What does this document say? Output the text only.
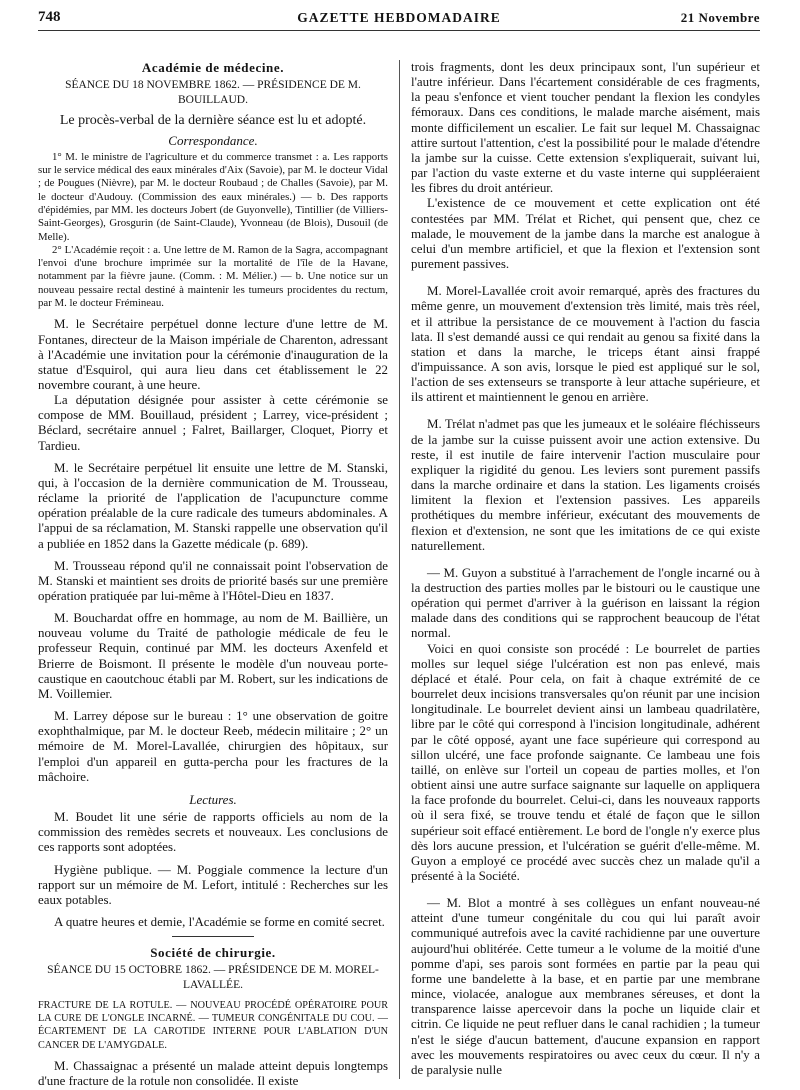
748	GAZETTE HEBDOMADAIRE	21 Novembre

Académie de médecine.

SÉANCE DU 18 NOVEMBRE 1862. — PRÉSIDENCE DE M. BOUILLAUD.

Le procès-verbal de la dernière séance est lu et adopté.

Correspondance.

1° M. le ministre de l'agriculture et du commerce transmet : a. Les rapports sur le service médical des eaux minérales d'Aix (Savoie), par M. le docteur Vidal ; de Pougues (Nièvre), par M. le docteur Roubaud ; de Challes (Savoie), par M. le docteur d'Audouy. (Commission des eaux minérales.) — b. Des rapports d'épidémies, par MM. les docteurs Jobert (de Guyonvelle), Tintillier (de Villiers-Saint-Georges), Grosgurin (de Saint-Claude), Yvonneau (de Blois), Dusouil (de Melle).

2° L'Académie reçoit : a. Une lettre de M. Ramon de la Sagra, accompagnant l'envoi d'une brochure imprimée sur la mortalité de l'île de la Havane, notamment par la fièvre jaune. (Comm. : M. Mélier.) — b. Une notice sur un nouveau pessaire rectal destiné à maintenir les tumeurs procidentes du rectum, par M. le docteur Frémineau.

M. le Secrétaire perpétuel donne lecture d'une lettre de M. Fontanes, directeur de la Maison impériale de Charenton, adressant à l'Académie une invitation pour la cérémonie d'inauguration de la statue d'Esquirol, qui aura lieu dans cet établissement le 22 novembre courant, à une heure.

La députation désignée pour assister à cette cérémonie se compose de MM. Bouillaud, président ; Larrey, vice-président ; Béclard, secrétaire annuel ; Falret, Baillarger, Cloquet, Piorry et Tardieu.

M. le Secrétaire perpétuel lit ensuite une lettre de M. Stanski, qui, à l'occasion de la dernière communication de M. Trousseau, réclame la priorité de l'application de l'acupuncture comme opération préalable de la cure radicale des tumeurs abdominales. A l'appui de sa réclamation, M. Stanski rappelle une observation qu'il a publiée en 1852 dans la Gazette médicale (p. 689).

M. Trousseau répond qu'il ne connaissait point l'observation de M. Stanski et maintient ses droits de priorité basés sur une première opération pratiquée par lui-même à l'Hôtel-Dieu en 1837.

M. Bouchardat offre en hommage, au nom de M. Baillière, un nouveau volume du Traité de pathologie médicale de feu le professeur Requin, continué par MM. les docteurs Axenfeld et Brierre de Boismont. Il présente le modèle d'un nouveau porte-caustique en caoutchouc établi par M. Robert, sur les indications de M. Voillemier.

M. Larrey dépose sur le bureau : 1° une observation de goitre exophthalmique, par M. le docteur Reeb, médecin militaire ; 2° un mémoire de M. Morel-Lavallée, chirurgien des hôpitaux, sur l'emploi d'un appareil en gutta-percha pour les fractures de la mâchoire.

Lectures.

M. Boudet lit une série de rapports officiels au nom de la commission des remèdes secrets et nouveaux. Les conclusions de ces rapports sont adoptées.

Hygiène publique. — M. Poggiale commence la lecture d'un rapport sur un mémoire de M. Lefort, intitulé : Recherches sur les eaux potables.

A quatre heures et demie, l'Académie se forme en comité secret.

Société de chirurgie.

SÉANCE DU 15 OCTOBRE 1862. — PRÉSIDENCE DE M. MOREL-LAVALLÉE.

FRACTURE DE LA ROTULE. — NOUVEAU PROCÉDÉ OPÉRATOIRE POUR LA CURE DE L'ONGLE INCARNÉ. — TUMEUR CONGÉNITALE DU COU. — ÉCARTEMENT DE LA CAROTIDE INTERNE POUR L'ABLATION D'UN CANCER DE L'AMYGDALE.

M. Chassaignac a présenté un malade atteint depuis longtemps d'une fracture de la rotule non consolidée. Il existe

trois fragments, dont les deux principaux sont, l'un supérieur et l'autre inférieur. Dans l'écartement considérable de ces fragments, la peau s'enfonce et vient toucher pendant la flexion les condyles fémoraux. Dans ces conditions, le malade marche aisément, mais monte difficilement un escalier. Le fait sur lequel M. Chassaignac attire surtout l'attention, c'est la possibilité pour le malade d'étendre la jambe sur la cuisse. Cette extension s'expliquerait, suivant lui, par l'action du vaste externe et du vaste interne qui suppléeraient les fibres du droit antérieur.

L'existence de ce mouvement et cette explication ont été contestées par MM. Trélat et Richet, qui pensent que, chez ce malade, le mouvement de la jambe dans la marche est analogue à celui d'un membre artificiel, et que la flexion et l'extension sont purement passives.

M. Morel-Lavallée croit avoir remarqué, après des fractures du même genre, un mouvement d'extension très limité, mais très réel, et il attribue la persistance de ce mouvement à l'action du fascia lata. Il s'est demandé aussi ce qui rendait au genou sa fixité dans la station et dans la marche, le triceps étant ainsi frappé d'impuissance. A son avis, lorsque le pied est appliqué sur le sol, l'action de ses extenseurs se transporte à leur attache supérieure, et ils attirent et maintiennent le genou en arrière.

M. Trélat n'admet pas que les jumeaux et le soléaire fléchisseurs de la jambe sur la cuisse puissent avoir une action extensive. Du reste, il est inutile de faire intervenir l'action musculaire pour expliquer la rigidité du genou. Les leviers sont purement passifs dans la marche ordinaire et dans la station. Les ligaments croisés limitent la flexion et l'extension passives. Les appareils prothétiques du membre inférieur, exécutant des mouvements de flexion et d'extension, ne sont que les imitations de ce qui existe naturellement.

— M. Guyon a substitué à l'arrachement de l'ongle incarné ou à la destruction des parties molles par le bistouri ou le caustique une opération qui permet d'arriver à la guérison en laissant la région malade dans des conditions qui se rapprochent beaucoup de l'état normal.

Voici en quoi consiste son procédé : Le bourrelet de parties molles sur lequel siége l'ulcération est non pas enlevé, mais déplacé et étalé. Pour cela, on fait à chaque extrémité de ce bourrelet deux incisions transversales qu'on réunit par une incision longitudinale. Le bourrelet devient ainsi un lambeau quadrilatère, libre par le côté qui correspond à l'incision longitudinale, adhérent par le côté opposé, ayant une face supérieure qui correspond au sillon ulcéré, une face profonde saignante. Ce lambeau une fois taillé, on enlève sur l'orteil un copeau de parties molles, et l'on obtient ainsi une autre surface saignante sur laquelle on appliquera la face profonde du bourrelet. Celui-ci, dans les nouveaux rapports où il sera fixé, se trouve tendu et étalé de façon que le sillon supérieur soit effacé entièrement. Le bord de l'ongle n'y exerce plus dès lors aucune pression, et l'ulcération se guérit d'elle-même. M. Guyon a employé ce procédé avec succès chez un malade qu'il a présenté à la Société.

— M. Blot a montré à ses collègues un enfant nouveau-né atteint d'une tumeur congénitale du cou qui lui paraît avoir communiqué autrefois avec la cavité rachidienne par une ouverture aujourd'hui oblitérée. Cette tumeur a le volume de la moitié d'une pomme d'api, ses parois sont formées en partie par la peau qui forme une bandelette à la base, et en partie par une membrane mince, violacée, analogue aux membranes séreuses, et dont la transparence laisse apercevoir dans la poche un liquide clair et citrin. Ce liquide ne peut refluer dans le canal rachidien ; la tumeur n'est le siége d'aucun battement, d'aucune expansion en rapport avec les mouvements respiratoires ou avec ceux du cœur. Il n'y a de paralysie nulle
